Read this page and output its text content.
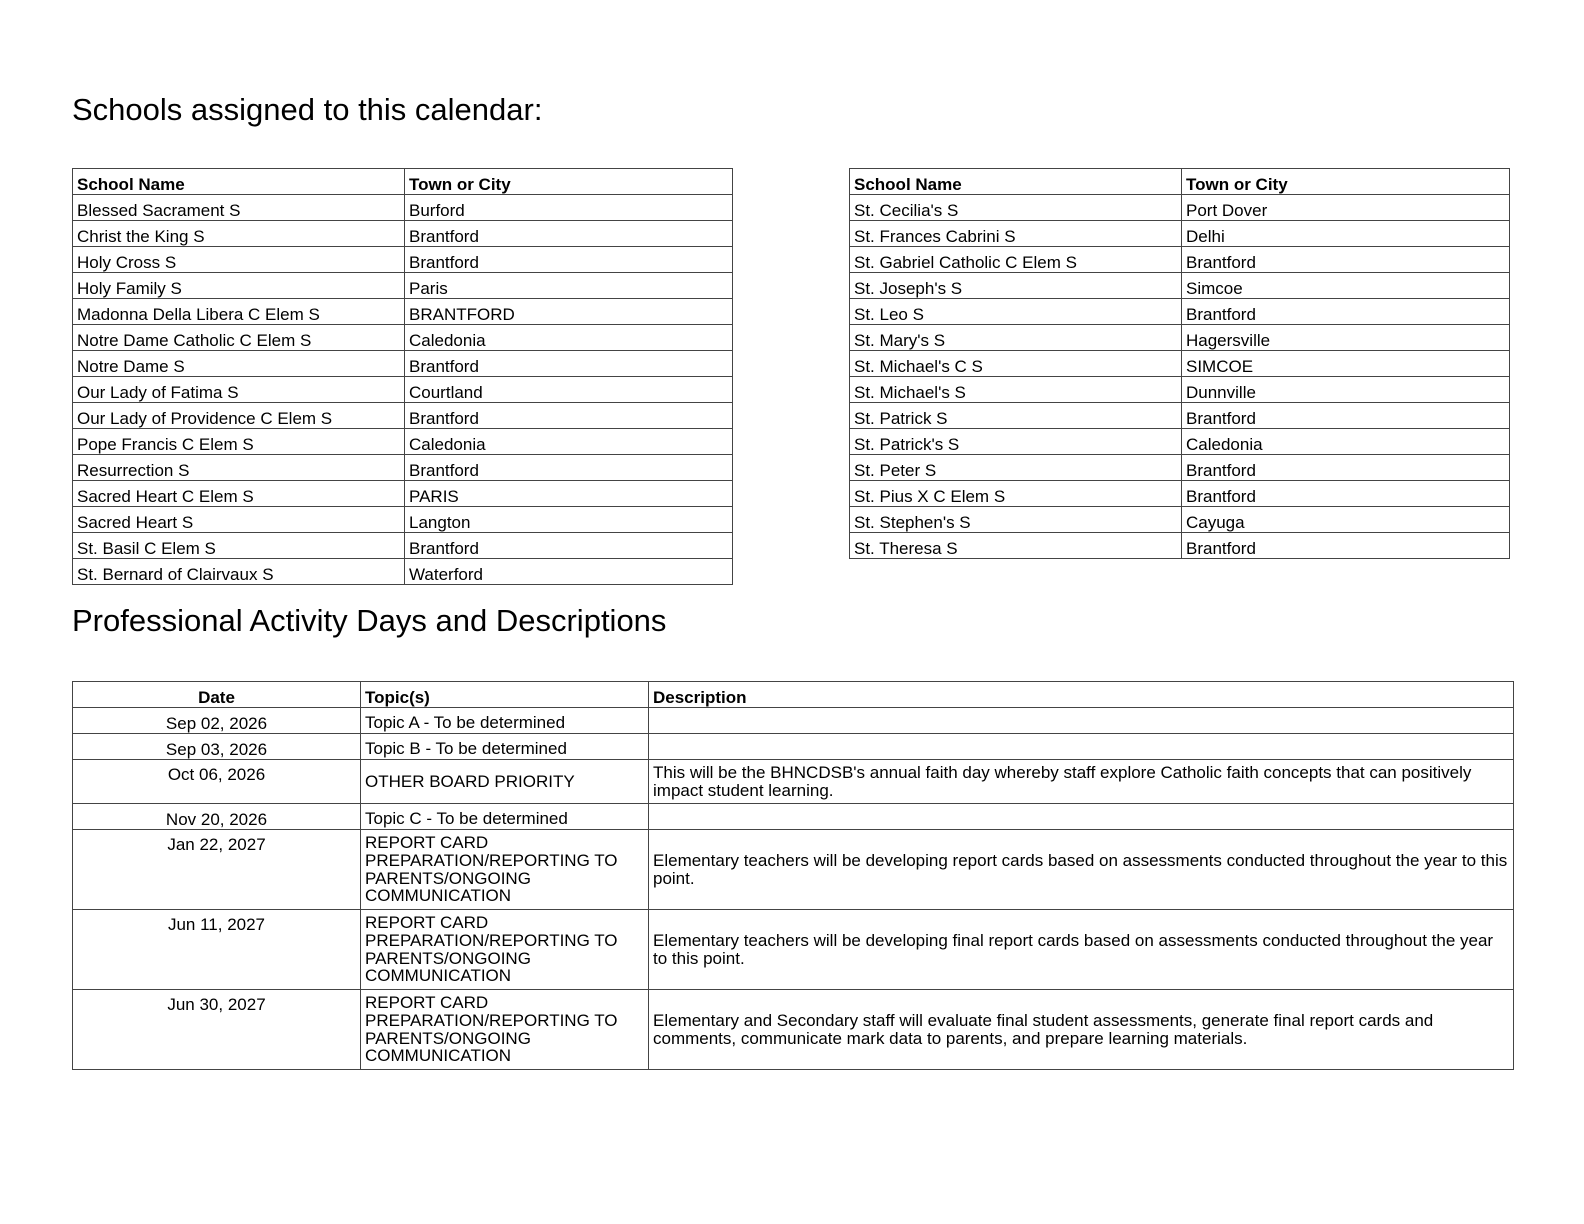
Schools assigned to this calendar:
School Name	Town or City
Blessed Sacrament S	Burford
Christ the King S	Brantford
Holy Cross S	Brantford
Holy Family S	Paris
Madonna Della Libera C Elem S	BRANTFORD
Notre Dame Catholic C Elem S	Caledonia
Notre Dame S	Brantford
Our Lady of Fatima S	Courtland
Our Lady of Providence C Elem S	Brantford
Pope Francis C Elem S	Caledonia
Resurrection S	Brantford
Sacred Heart C Elem S	PARIS
Sacred Heart S	Langton
St. Basil C Elem S	Brantford
St. Bernard of Clairvaux S	Waterford
School Name	Town or City
St. Cecilia's S	Port Dover
St. Frances Cabrini S	Delhi
St. Gabriel Catholic C Elem S	Brantford
St. Joseph's S	Simcoe
St. Leo S	Brantford
St. Mary's S	Hagersville
St. Michael's C S	SIMCOE
St. Michael's S	Dunnville
St. Patrick S	Brantford
St. Patrick's S	Caledonia
St. Peter S	Brantford
St. Pius X C Elem S	Brantford
St. Stephen's S	Cayuga
St. Theresa S	Brantford
Professional Activity Days and Descriptions
Date	Topic(s)	Description
Sep 02, 2026	Topic A - To be determined	
Sep 03, 2026	Topic B - To be determined	
Oct 06, 2026	OTHER BOARD PRIORITY	This will be the BHNCDSB's annual faith day whereby staff explore Catholic faith concepts that can positively impact student learning.
Nov 20, 2026	Topic C - To be determined	
Jan 22, 2027	REPORT CARD PREPARATION/REPORTING TO PARENTS/ONGOING COMMUNICATION	Elementary teachers will be developing report cards based on assessments conducted throughout the year to this point.
Jun 11, 2027	REPORT CARD PREPARATION/REPORTING TO PARENTS/ONGOING COMMUNICATION	Elementary teachers will be developing final report cards based on assessments conducted throughout the year to this point.
Jun 30, 2027	REPORT CARD PREPARATION/REPORTING TO PARENTS/ONGOING COMMUNICATION	Elementary and Secondary staff will evaluate final student assessments, generate final report cards and comments, communicate mark data to parents, and prepare learning materials.
